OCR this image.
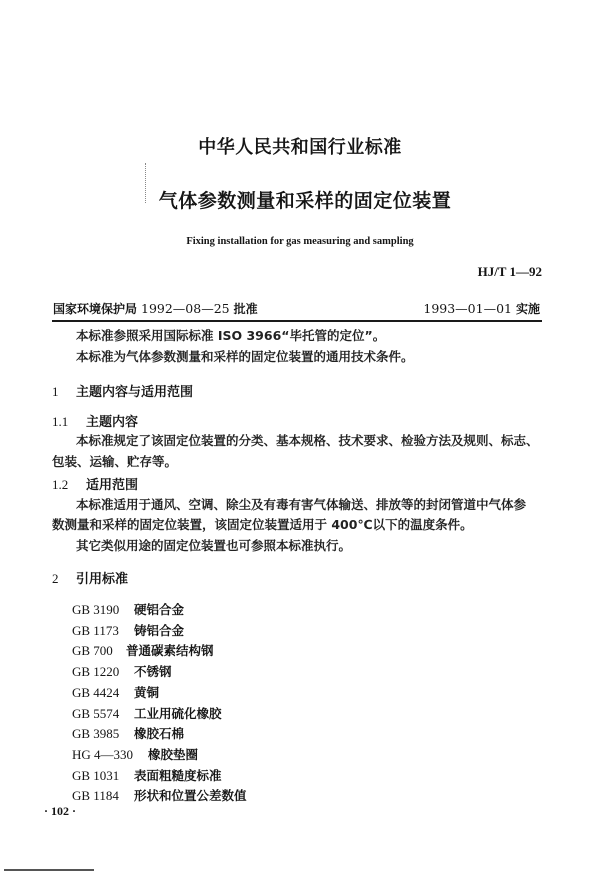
中华人民共和国行业标准
气体参数测量和采样的固定位装置
Fixing installation for gas measuring and sampling
HJ/T 1—92
国家环境保护局 1992—08—25 批准	1993—01—01 实施
本标准参照采用国际标准 ISO 3966“毕托管的定位”。
本标准为气体参数测量和采样的固定位装置的通用技术条件。
1 主题内容与适用范围
1.1 主题内容
本标准规定了该固定位装置的分类、基本规格、技术要求、检验方法及规则、标志、
包装、运输、贮存等。
1.2 适用范围
本标准适用于通风、空调、除尘及有毒有害气体输送、排放等的封闭管道中气体参
数测量和采样的固定位装置，该固定位装置适用于 400℃以下的温度条件。
其它类似用途的固定位装置也可参照本标准执行。
2 引用标准
GB 3190 硬铝合金
GB 1173 铸铝合金
GB 700 普通碳素结构钢
GB 1220 不锈钢
GB 4424 黄铜
GB 5574 工业用硫化橡胶
GB 3985 橡胶石棉
HG 4—330 橡胶垫圈
GB 1031 表面粗糙度标准
GB 1184 形状和位置公差数值
· 102 ·
